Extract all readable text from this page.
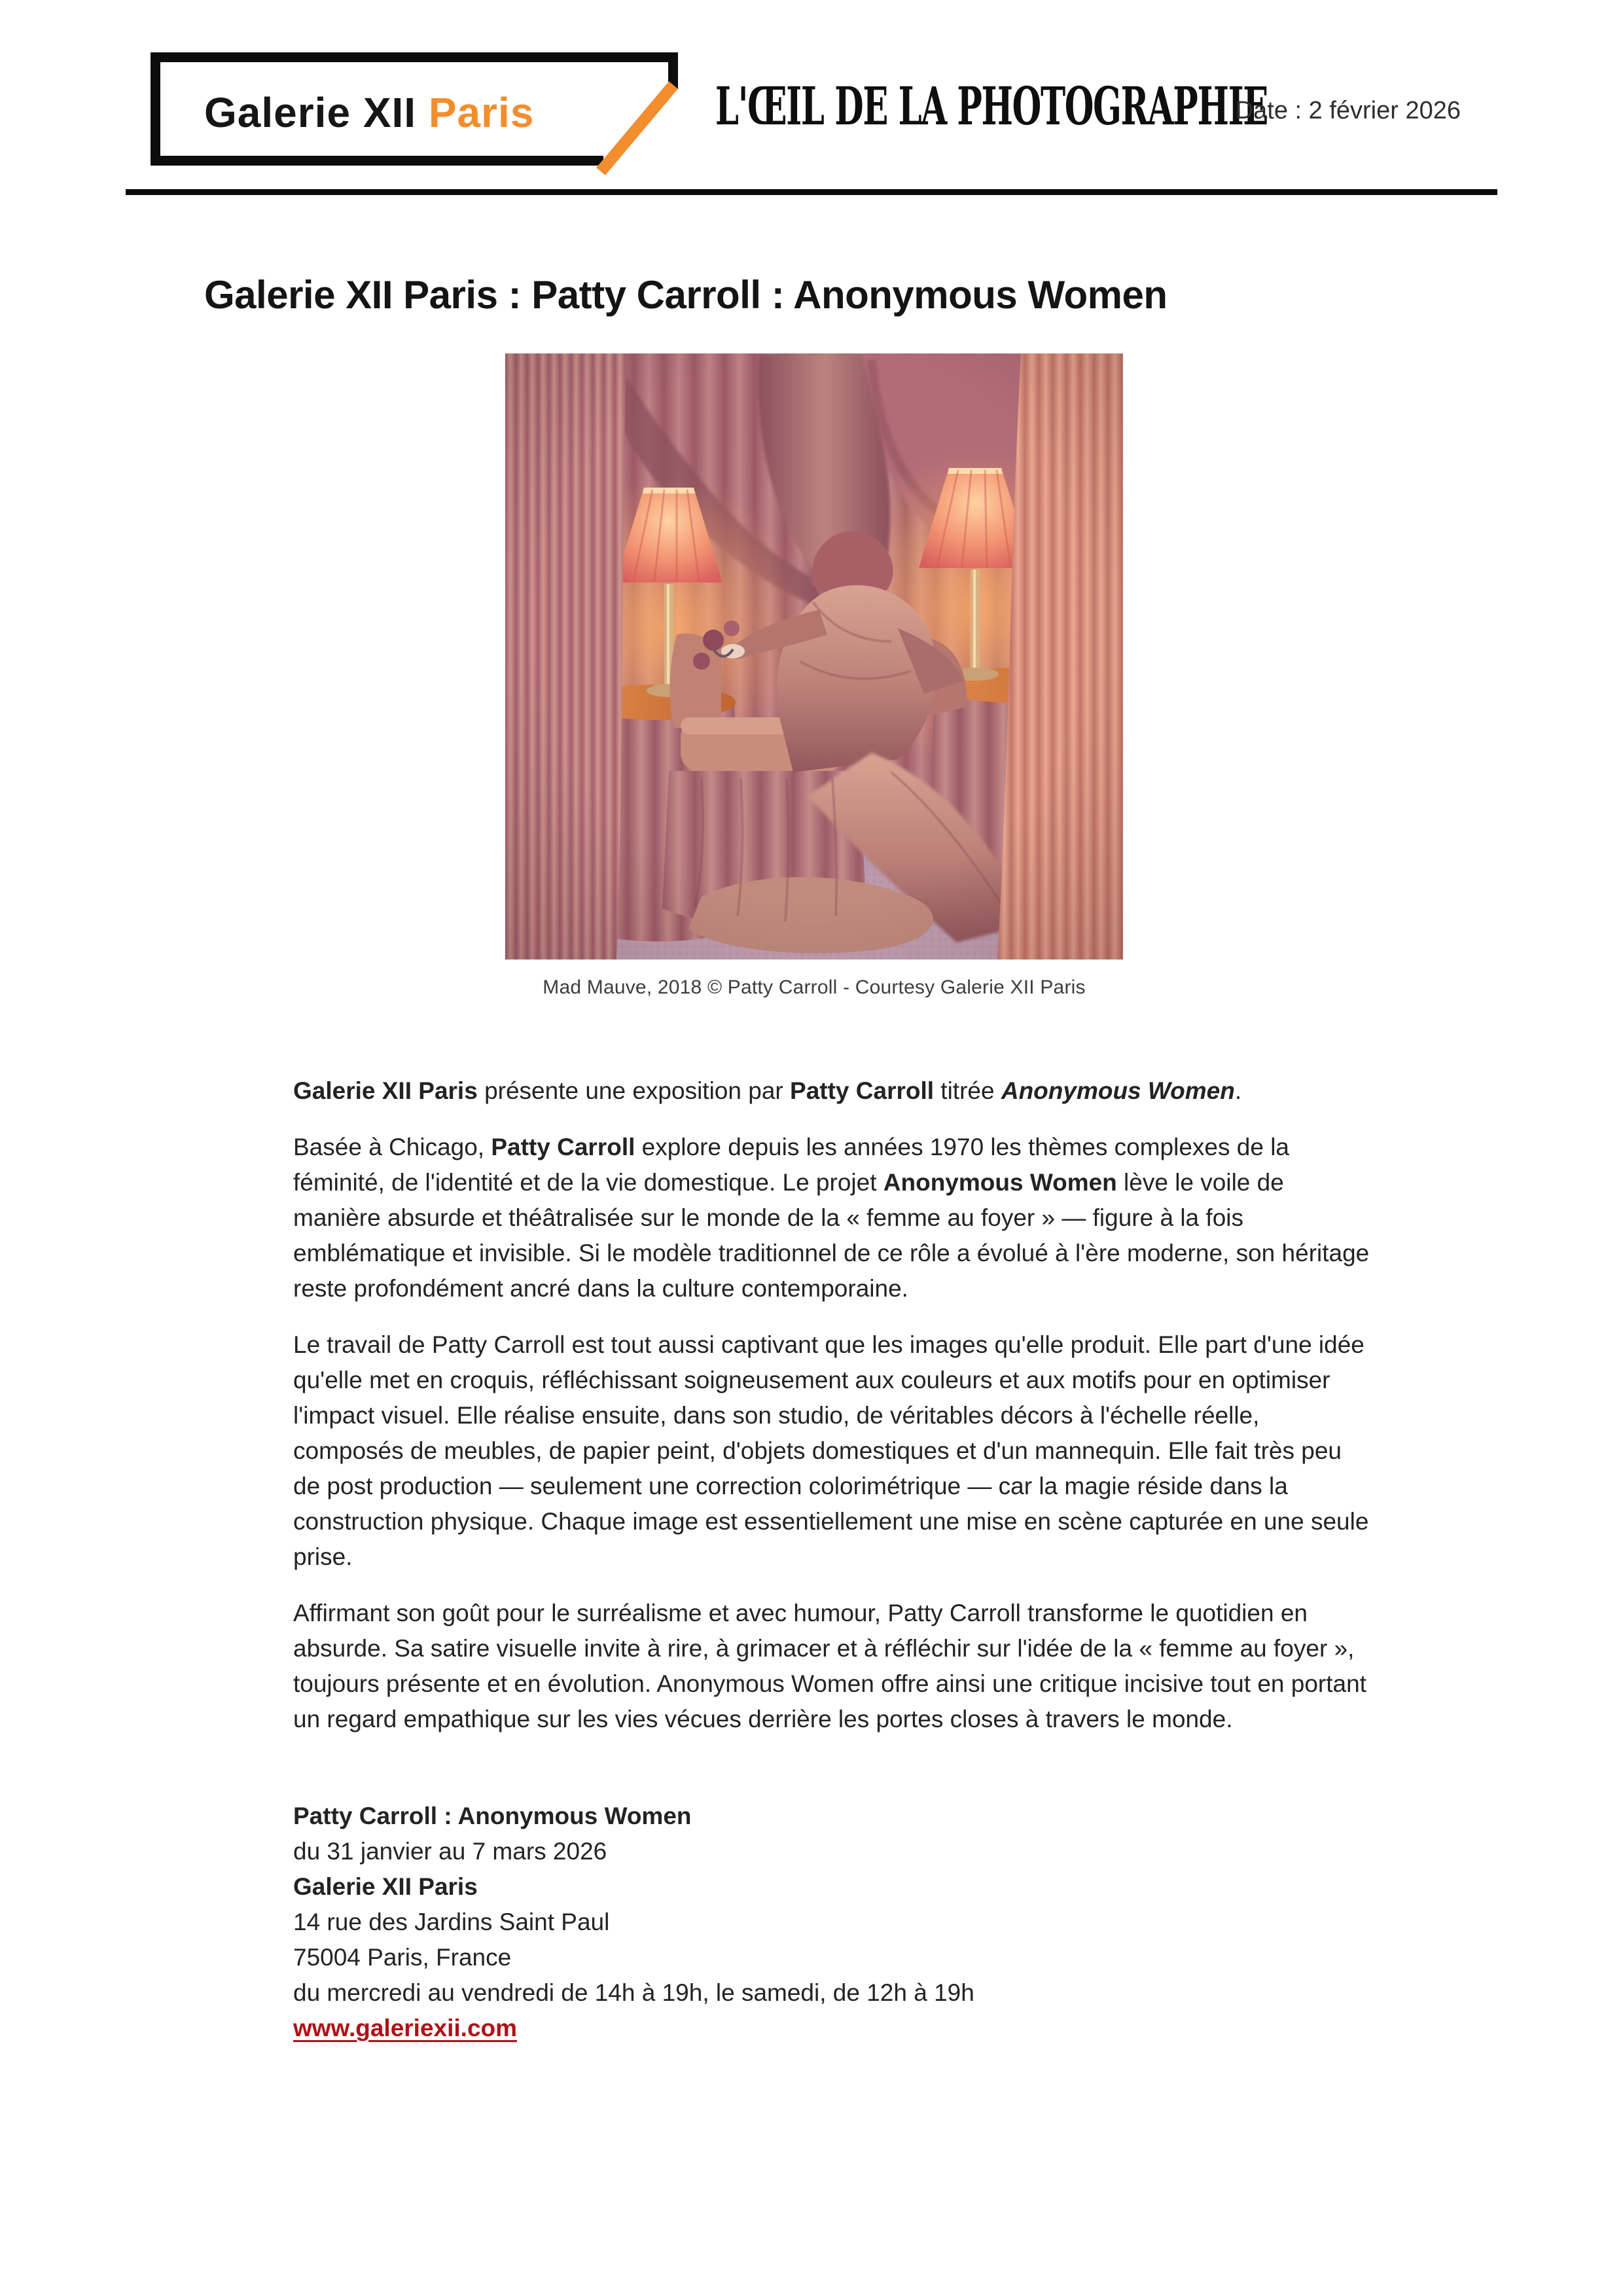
Galerie XII Paris	L'ŒIL DE LA PHOTOGRAPHIE
Date : 2 février 2026
Galerie XII Paris : Patty Carroll : Anonymous Women
Mad Mauve, 2018 © Patty Carroll - Courtesy Galerie XII Paris

Galerie XII Paris présente une exposition par Patty Carroll titrée Anonymous Women.

Basée à Chicago, Patty Carroll explore depuis les années 1970 les thèmes complexes de la féminité, de l'identité et de la vie domestique. Le projet Anonymous Women lève le voile de manière absurde et théâtralisée sur le monde de la « femme au foyer » — figure à la fois emblématique et invisible. Si le modèle traditionnel de ce rôle a évolué à l'ère moderne, son héritage reste profondément ancré dans la culture contemporaine.

Le travail de Patty Carroll est tout aussi captivant que les images qu'elle produit. Elle part d'une idée qu'elle met en croquis, réfléchissant soigneusement aux couleurs et aux motifs pour en optimiser l'impact visuel. Elle réalise ensuite, dans son studio, de véritables décors à l'échelle réelle, composés de meubles, de papier peint, d'objets domestiques et d'un mannequin. Elle fait très peu de post production — seulement une correction colorimétrique — car la magie réside dans la construction physique. Chaque image est essentiellement une mise en scène capturée en une seule prise.

Affirmant son goût pour le surréalisme et avec humour, Patty Carroll transforme le quotidien en absurde. Sa satire visuelle invite à rire, à grimacer et à réfléchir sur l'idée de la « femme au foyer », toujours présente et en évolution. Anonymous Women offre ainsi une critique incisive tout en portant un regard empathique sur les vies vécues derrière les portes closes à travers le monde.

Patty Carroll : Anonymous Women

du 31 janvier au 7 mars 2026

Galerie XII Paris

14 rue des Jardins Saint Paul

75004 Paris, France

du mercredi au vendredi de 14h à 19h, le samedi, de 12h à 19h

www.galeriexii.com
